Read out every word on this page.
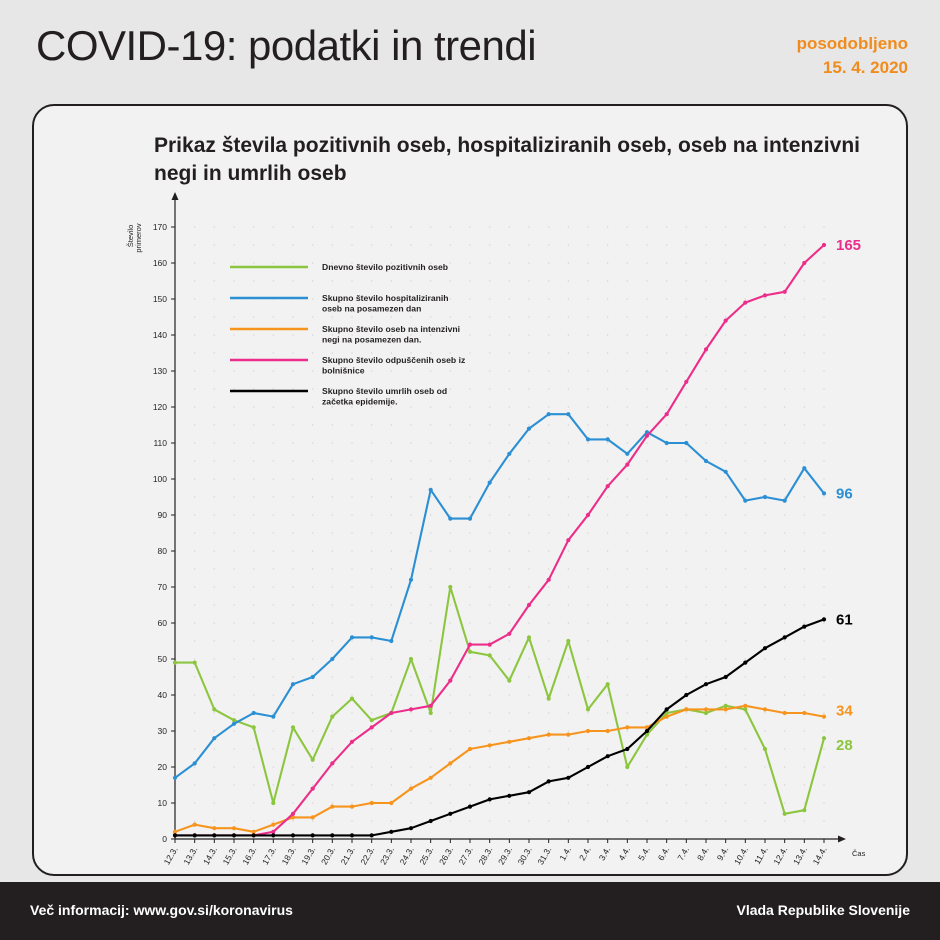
COVID-19: podatki in trendi	posodobljeno
15. 4. 2020
Prikaz števila pozitivnih oseb, hospitaliziranih oseb, oseb na intenzivni negi in umrlih oseb
0
10
20
30
40
50
60
70
80
90
100
110
120
130
140
150
160
170
12.3. 13.3. 14.3. 15.3. 16.3. 17.3. 18.3. 19.3. 20.3. 21.3. 22.3. 23.3. 24.3. 25.3. 26.3. 27.3. 28.3. 29.3. 30.3. 31.3. 1.4. 2.4. 3.4. 4.4. 5.4. 6.4. 7.4. 8.4. 9.4. 10.4. 11.4. 12.4. 13.4. 14.4.
Število primerov
Čas
28
96
34
165
61
Dnevno število pozitivnih oseb
Skupno število hospitaliziranih
oseb na posamezen dan
Skupno število oseb na intenzivni
negi na posamezen dan.
Skupno število odpuščenih oseb iz
bolnišnice
Skupno število umrlih oseb od
začetka epidemije.
Več informacij: www.gov.si/koronavirus	Vlada Republike Slovenije
